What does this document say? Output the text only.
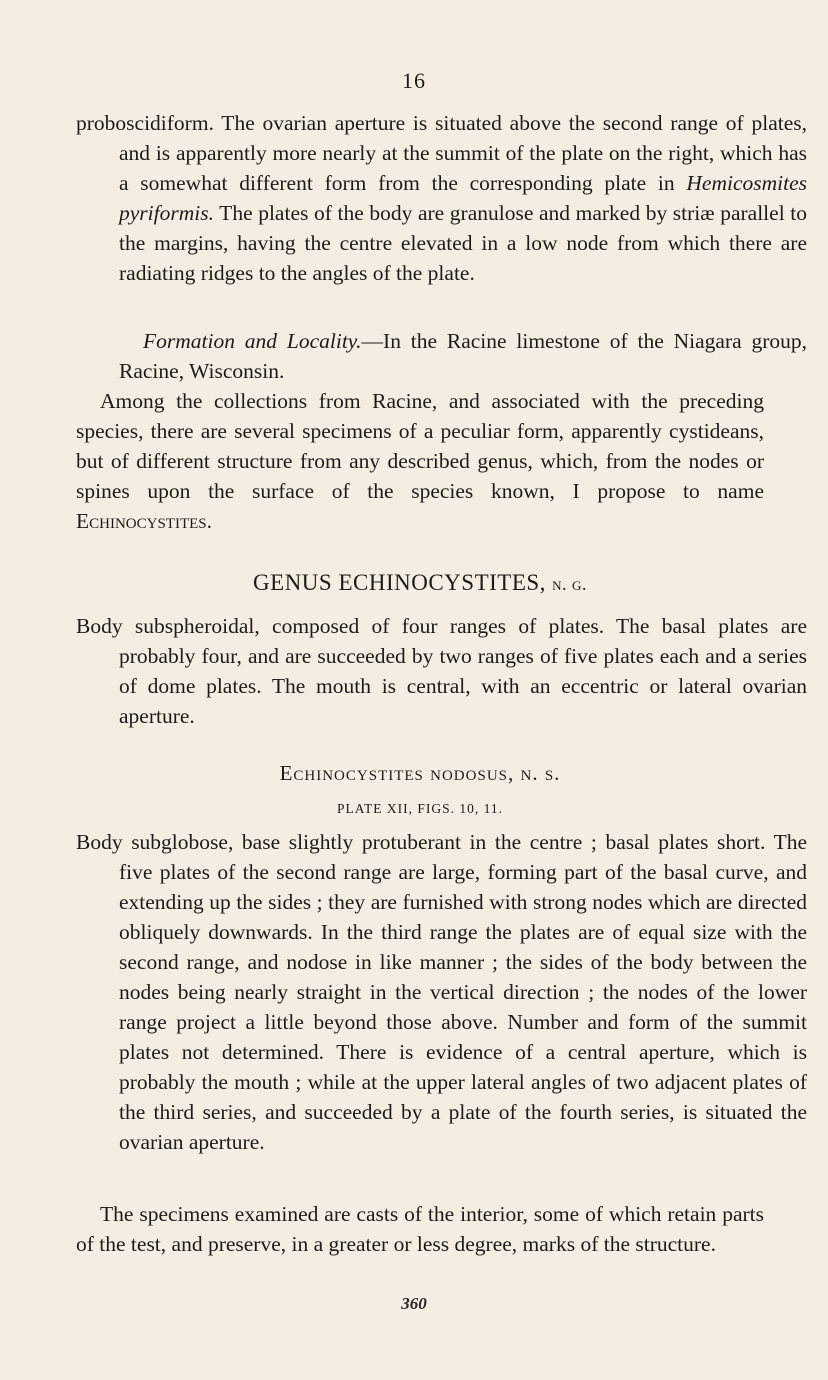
16

proboscidiform. The ovarian aperture is situated above the second range of plates, and is apparently more nearly at the summit of the plate on the right, which has a somewhat different form from the corresponding plate in Hemicosmites pyriformis. The plates of the body are granulose and marked by striæ parallel to the margins, having the centre elevated in a low node from which there are radiating ridges to the angles of the plate.

Formation and Locality.—In the Racine limestone of the Niagara group, Racine, Wisconsin.

Among the collections from Racine, and associated with the preceding species, there are several specimens of a peculiar form, apparently cystideans, but of different structure from any described genus, which, from the nodes or spines upon the surface of the species known, I propose to name Echinocystites.

GENUS ECHINOCYSTITES, n. g.

Body subspheroidal, composed of four ranges of plates. The basal plates are probably four, and are succeeded by two ranges of five plates each and a series of dome plates. The mouth is central, with an eccentric or lateral ovarian aperture.

Echinocystites nodosus, n. s.
PLATE XII, FIGS. 10, 11.

Body subglobose, base slightly protuberant in the centre ; basal plates short. The five plates of the second range are large, forming part of the basal curve, and extending up the sides ; they are furnished with strong nodes which are directed obliquely downwards. In the third range the plates are of equal size with the second range, and nodose in like manner ; the sides of the body between the nodes being nearly straight in the vertical direction ; the nodes of the lower range project a little beyond those above. Number and form of the summit plates not determined. There is evidence of a central aperture, which is probably the mouth ; while at the upper lateral angles of two adjacent plates of the third series, and succeeded by a plate of the fourth series, is situated the ovarian aperture.

The specimens examined are casts of the interior, some of which retain parts of the test, and preserve, in a greater or less degree, marks of the structure.

360
